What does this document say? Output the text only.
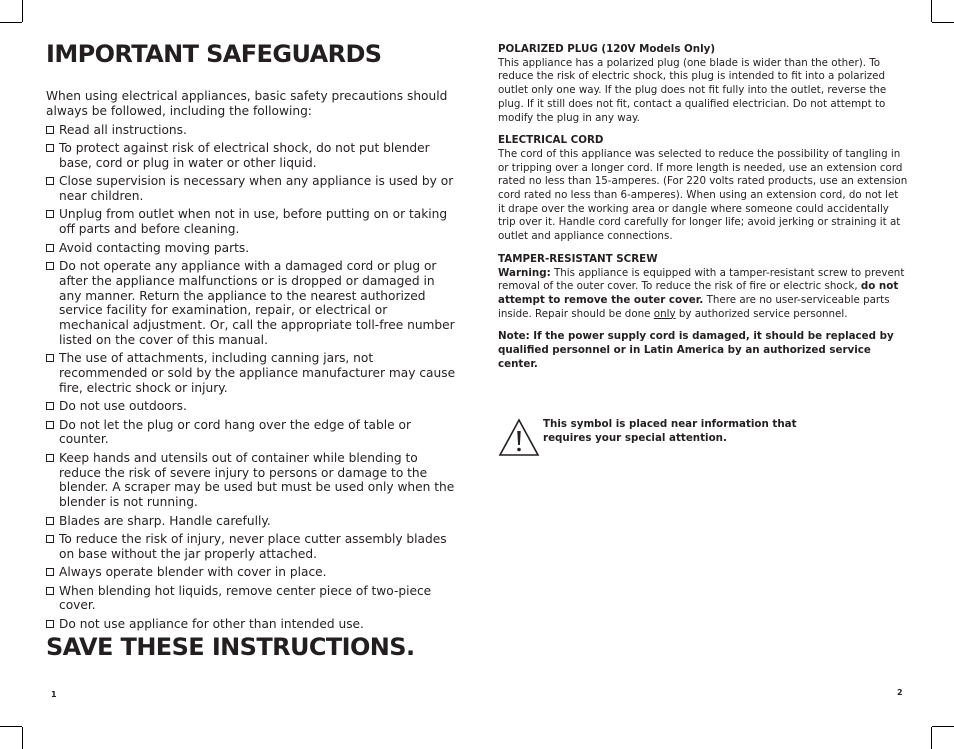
IMPORTANT SAFEGUARDS

When using electrical appliances, basic safety precautions should always be followed, including the following:

Read all instructions.
To protect against risk of electrical shock, do not put blender base, cord or plug in water or other liquid.
Close supervision is necessary when any appliance is used by or near children.
Unplug from outlet when not in use, before putting on or taking off parts and before cleaning.
Avoid contacting moving parts.
Do not operate any appliance with a damaged cord or plug or after the appliance malfunctions or is dropped or damaged in any manner. Return the appliance to the nearest authorized service facility for examination, repair, or electrical or mechanical adjustment. Or, call the appropriate toll-free number listed on the cover of this manual.
The use of attachments, including canning jars, not recommended or sold by the appliance manufacturer may cause fire, electric shock or injury.
Do not use outdoors.
Do not let the plug or cord hang over the edge of table or counter.
Keep hands and utensils out of container while blending to reduce the risk of severe injury to persons or damage to the blender. A scraper may be used but must be used only when the blender is not running.
Blades are sharp. Handle carefully.
To reduce the risk of injury, never place cutter assembly blades on base without the jar properly attached.
Always operate blender with cover in place.
When blending hot liquids, remove center piece of two-piece cover.
Do not use appliance for other than intended use.
SAVE THESE INSTRUCTIONS.
1
POLARIZED PLUG (120V Models Only)

This appliance has a polarized plug (one blade is wider than the other). To reduce the risk of electric shock, this plug is intended to fit into a polarized outlet only one way. If the plug does not fit fully into the outlet, reverse the plug. If it still does not fit, contact a qualified electrician. Do not attempt to modify the plug in any way.

ELECTRICAL CORD

The cord of this appliance was selected to reduce the possibility of tangling in or tripping over a longer cord. If more length is needed, use an extension cord rated no less than 15-amperes. (For 220 volts rated products, use an extension cord rated no less than 6-amperes). When using an extension cord, do not let it drape over the working area or dangle where someone could accidentally trip over it. Handle cord carefully for longer life; avoid jerking or straining it at outlet and appliance connections.

TAMPER-RESISTANT SCREW

Warning: This appliance is equipped with a tamper-resistant screw to prevent removal of the outer cover. To reduce the risk of fire or electric shock, do not attempt to remove the outer cover. There are no user-serviceable parts inside. Repair should be done only by authorized service personnel.

Note: If the power supply cord is damaged, it should be replaced by qualified personnel or in Latin America by an authorized service center.
This symbol is placed near information that requires your special attention.
2
